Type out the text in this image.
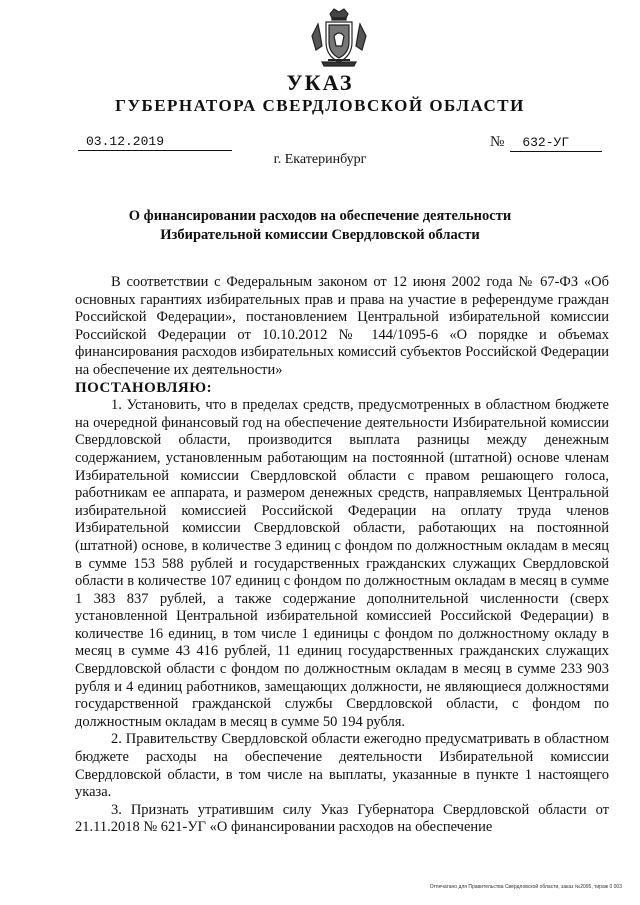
УКАЗ
ГУБЕРНАТОРА СВЕРДЛОВСКОЙ ОБЛАСТИ
03.12.2019	№ 632-УГ
г. Екатеринбург
О финансировании расходов на обеспечение деятельности
Избирательной комиссии Свердловской области

В соответствии с Федеральным законом от 12 июня 2002 года № 67-ФЗ «Об основных гарантиях избирательных прав и права на участие в референдуме граждан Российской Федерации», постановлением Центральной избирательной комиссии Российской Федерации от 10.10.2012 № 144/1095-6 «О порядке и объемах финансирования расходов избирательных комиссий субъектов Российской Федерации на обеспечение их деятельности»

ПОСТАНОВЛЯЮ:

1. Установить, что в пределах средств, предусмотренных в областном бюджете на очередной финансовый год на обеспечение деятельности Избирательной комиссии Свердловской области, производится выплата разницы между денежным содержанием, установленным работающим на постоянной (штатной) основе членам Избирательной комиссии Свердловской области с правом решающего голоса, работникам ее аппарата, и размером денежных средств, направляемых Центральной избирательной комиссией Российской Федерации на оплату труда членов Избирательной комиссии Свердловской области, работающих на постоянной (штатной) основе, в количестве 3 единиц с фондом по должностным окладам в месяц в сумме 153 588 рублей и государственных гражданских служащих Свердловской области в количестве 107 единиц с фондом по должностным окладам в месяц в сумме 1 383 837 рублей, а также содержание дополнительной численности (сверх установленной Центральной избирательной комиссией Российской Федерации) в количестве 16 единиц, в том числе 1 единицы с фондом по должностному окладу в месяц в сумме 43 416 рублей, 11 единиц государственных гражданских служащих Свердловской области с фондом по должностным окладам в месяц в сумме 233 903 рубля и 4 единиц работников, замещающих должности, не являющиеся должностями государственной гражданской службы Свердловской области, с фондом по должностным окладам в месяц в сумме 50 194 рубля.

2. Правительству Свердловской области ежегодно предусматривать в областном бюджете расходы на обеспечение деятельности Избирательной комиссии Свердловской области, в том числе на выплаты, указанные в пункте 1 настоящего указа.

3. Признать утратившим силу Указ Губернатора Свердловской области от 21.11.2018 № 621-УГ «О финансировании расходов на обеспечение

Отпечатано для Правительства Свердловской области, заказ №2095, тираж 0 003
